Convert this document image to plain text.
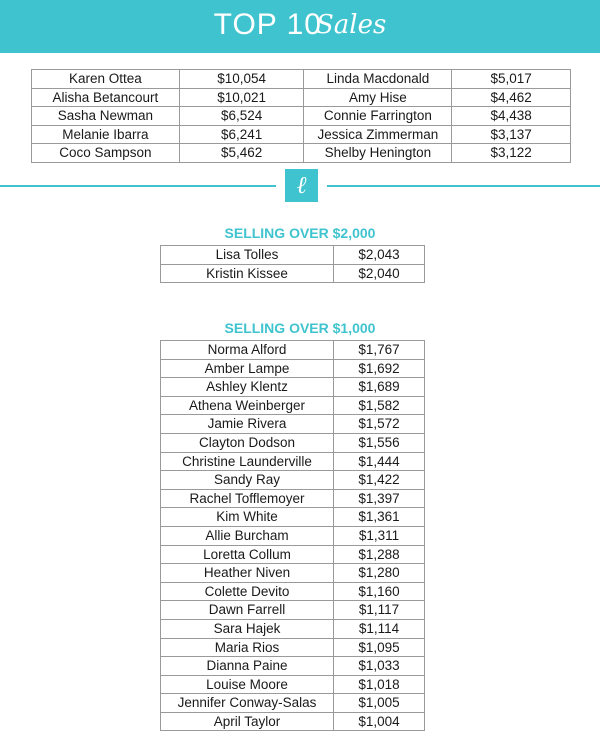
TOP 10Sales
Karen Ottea	$10,054	Linda Macdonald	$5,017
Alisha Betancourt	$10,021	Amy Hise	$4,462
Sasha Newman	$6,524	Connie Farrington	$4,438
Melanie Ibarra	$6,241	Jessica Zimmerman	$3,137
Coco Sampson	$5,462	Shelby Henington	$3,122
ℓ
SELLING OVER $2,000
Lisa Tolles	$2,043
Kristin Kissee	$2,040
SELLING OVER $1,000
Norma Alford	$1,767
Amber Lampe	$1,692
Ashley Klentz	$1,689
Athena Weinberger	$1,582
Jamie Rivera	$1,572
Clayton Dodson	$1,556
Christine Launderville	$1,444
Sandy Ray	$1,422
Rachel Tofflemoyer	$1,397
Kim White	$1,361
Allie Burcham	$1,311
Loretta Collum	$1,288
Heather Niven	$1,280
Colette Devito	$1,160
Dawn Farrell	$1,117
Sara Hajek	$1,114
Maria Rios	$1,095
Dianna Paine	$1,033
Louise Moore	$1,018
Jennifer Conway-Salas	$1,005
April Taylor	$1,004
